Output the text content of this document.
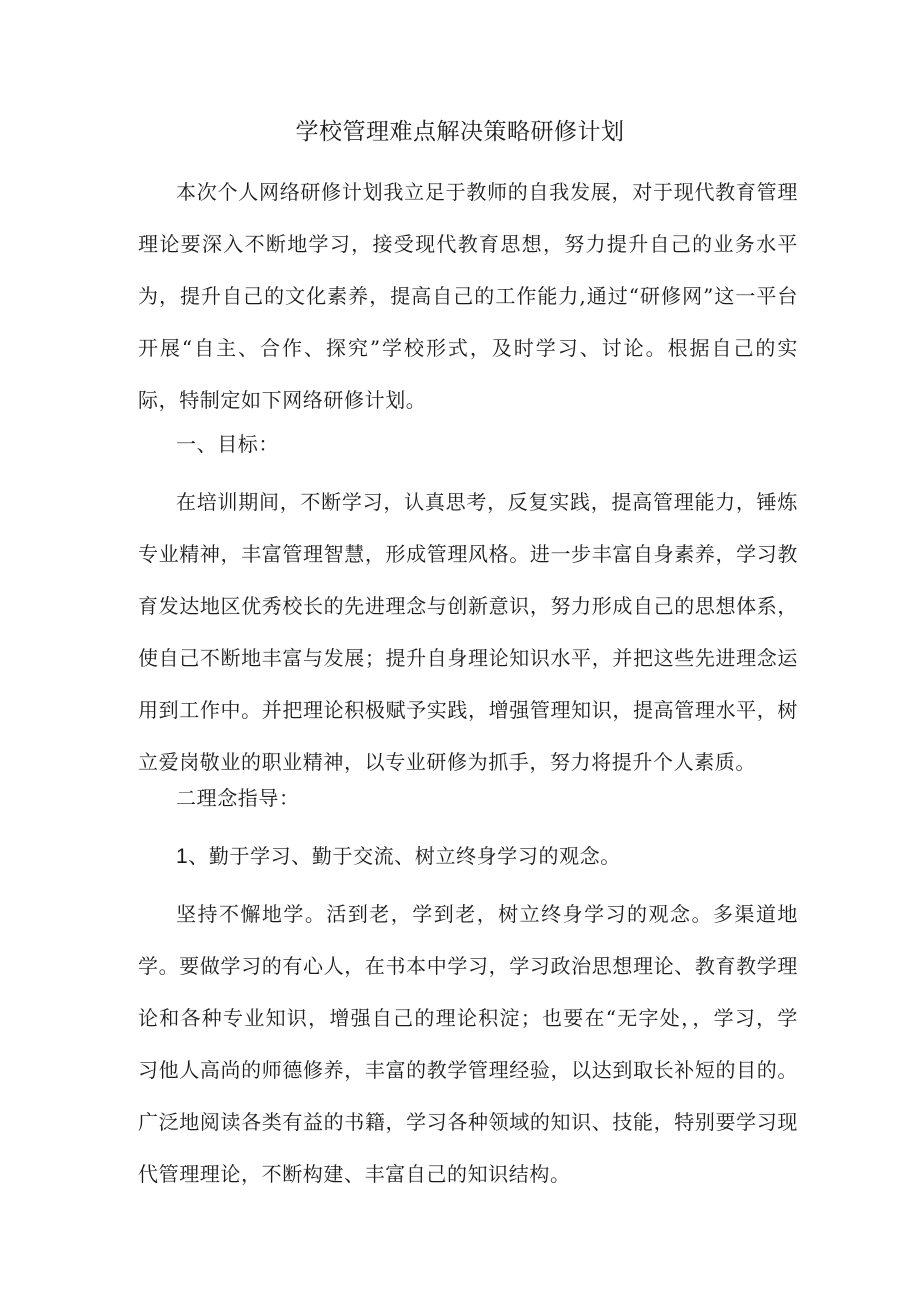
学校管理难点解决策略研修计划

本次个人网络研修计划我立足于教师的自我发展，对于现代教育管理理论要深入不断地学习，接受现代教育思想，努力提升自己的业务水平为，提升自己的文化素养，提高自己的工作能力,通过“研修网”这一平台开展“自主、合作、探究”学校形式，及时学习、讨论。根据自己的实际，特制定如下网络研修计划。

一、目标：

在培训期间，不断学习，认真思考，反复实践，提高管理能力，锤炼专业精神，丰富管理智慧，形成管理风格。进一步丰富自身素养，学习教育发达地区优秀校长的先进理念与创新意识，努力形成自己的思想体系，使自己不断地丰富与发展；提升自身理论知识水平，并把这些先进理念运用到工作中。并把理论积极赋予实践，增强管理知识，提高管理水平，树立爱岗敬业的职业精神，以专业研修为抓手，努力将提升个人素质。

二理念指导：

1、勤于学习、勤于交流、树立终身学习的观念。

坚持不懈地学。活到老，学到老，树立终身学习的观念。多渠道地学。要做学习的有心人，在书本中学习，学习政治思想理论、教育教学理论和各种专业知识，增强自己的理论积淀；也要在“无字处，，学习，学习他人高尚的师德修养，丰富的教学管理经验，以达到取长补短的目的。广泛地阅读各类有益的书籍，学习各种领域的知识、技能，特别要学习现代管理理论，不断构建、丰富自己的知识结构。
